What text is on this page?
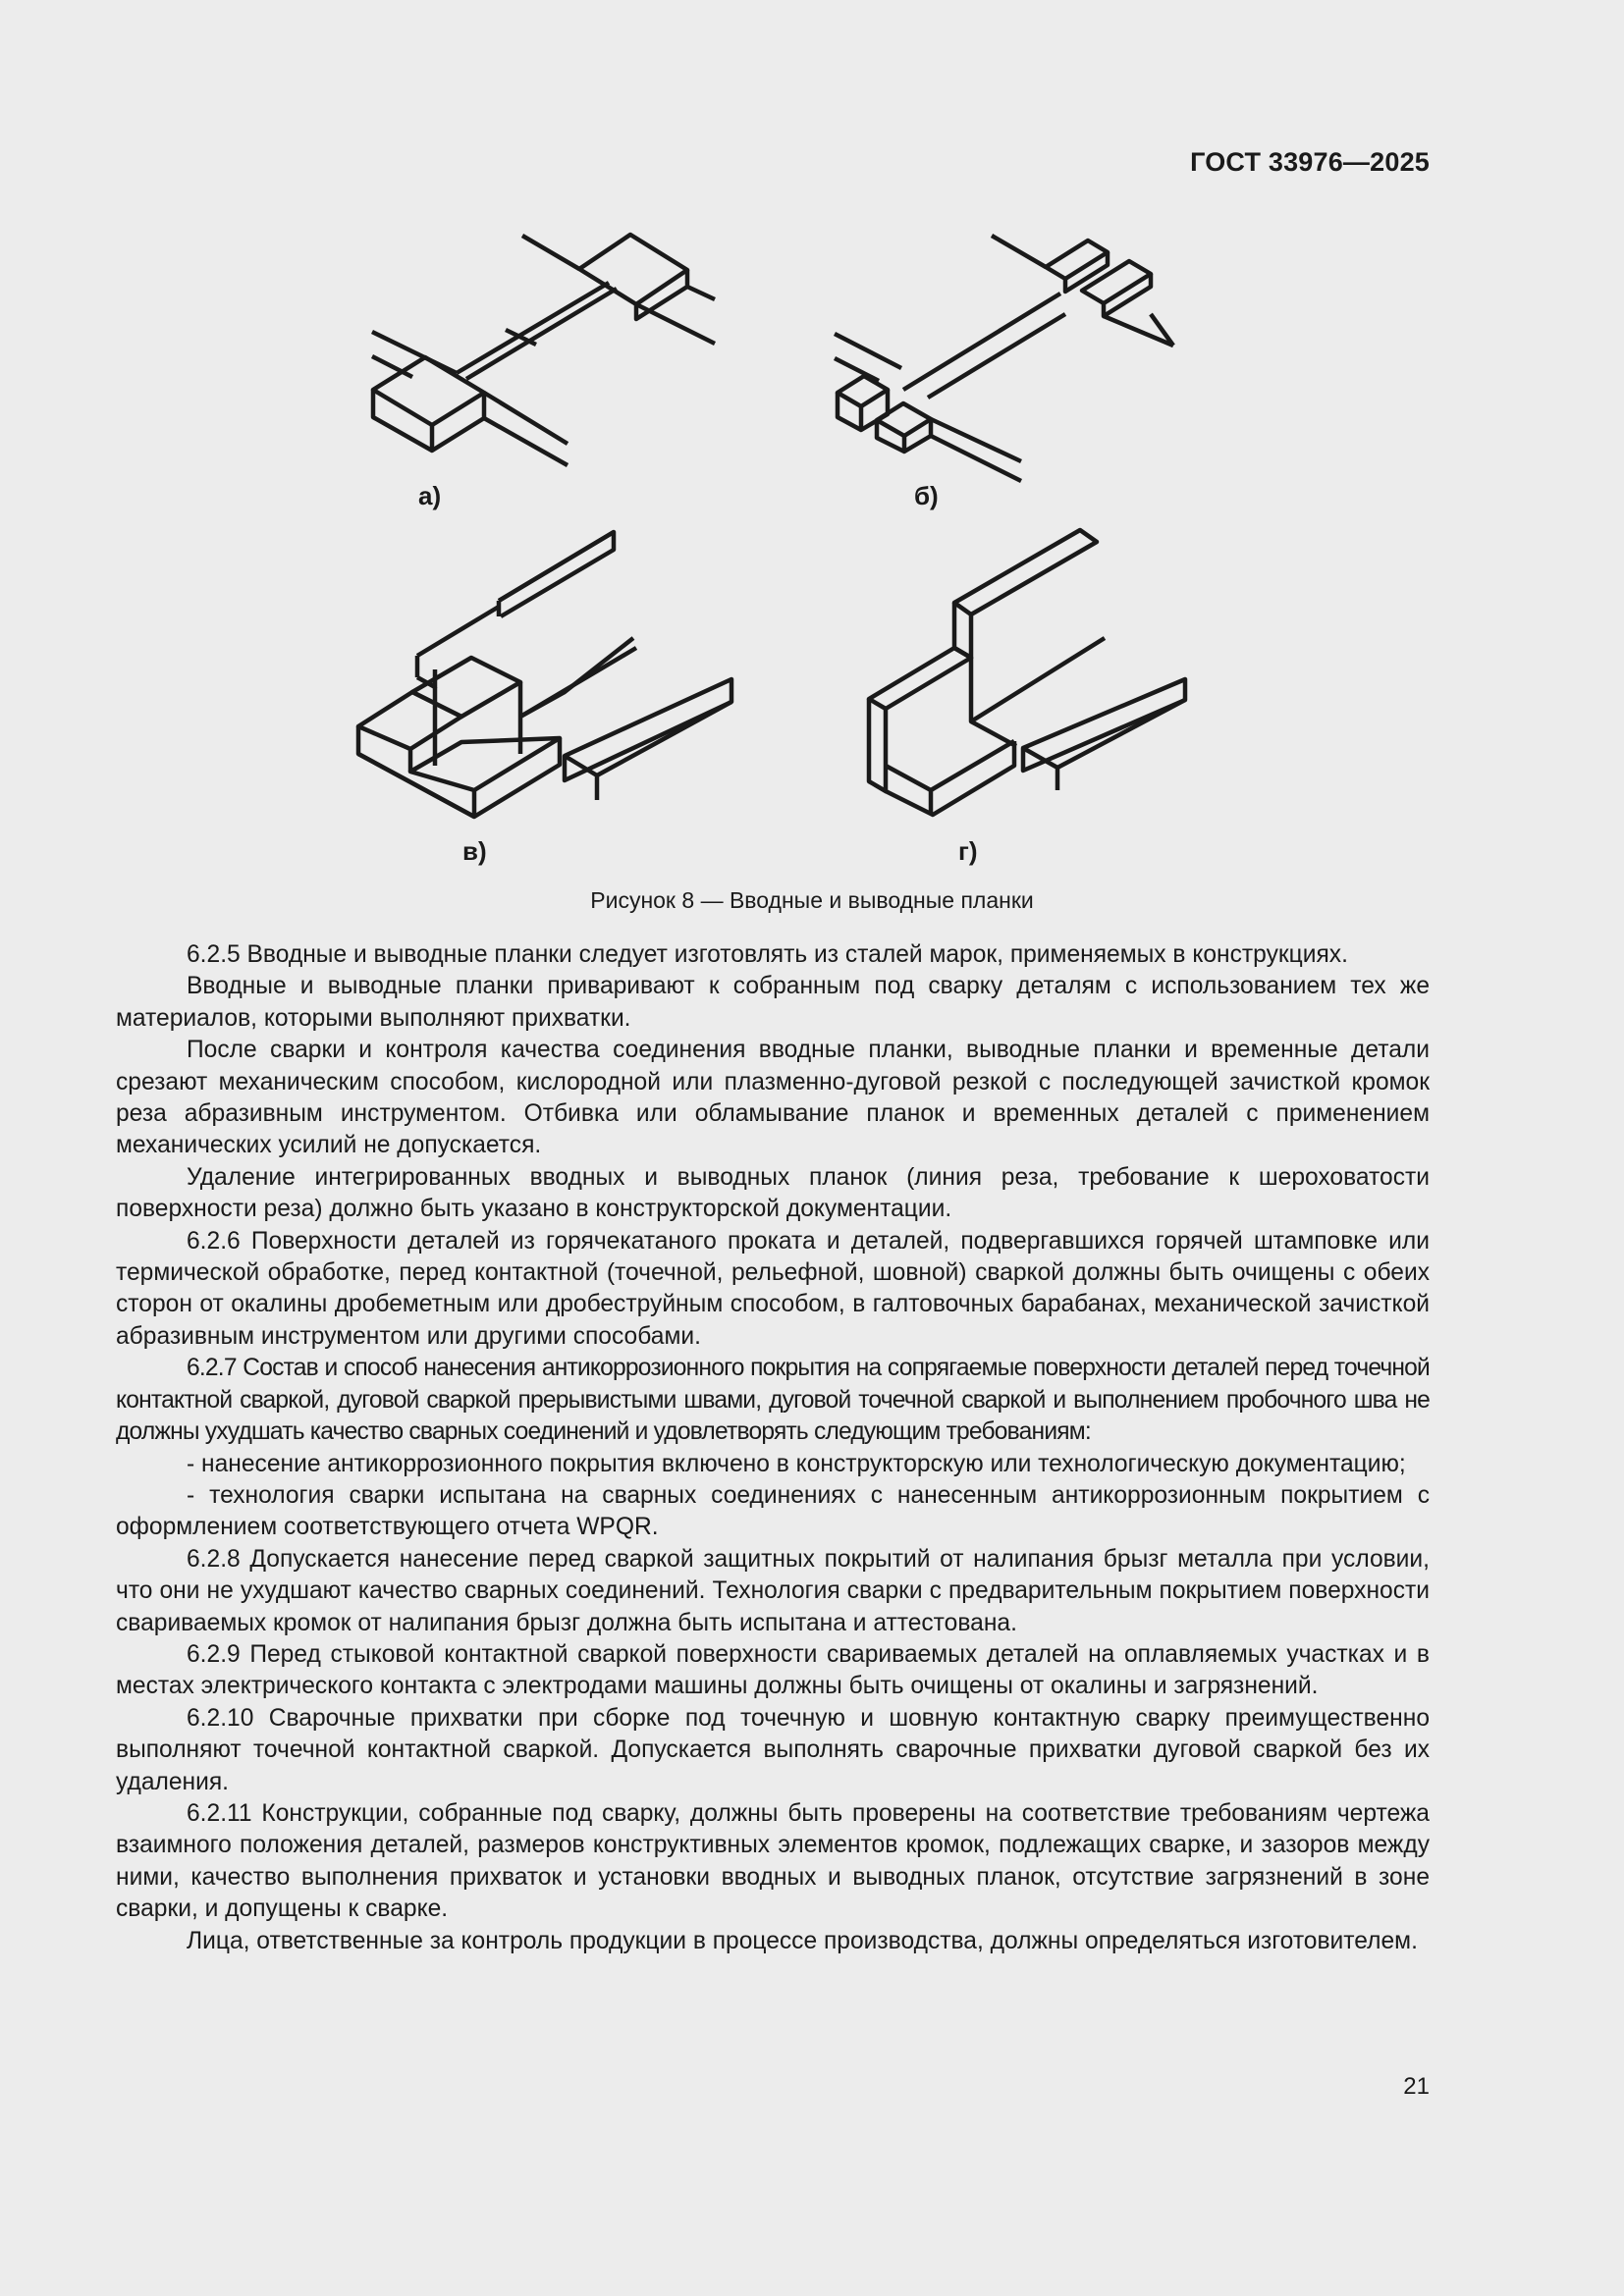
ГОСТ 33976—2025
а)	б)
в)	г)
Рисунок 8 — Вводные и выводные планки

6.2.5 Вводные и выводные планки следует изготовлять из сталей марок, применяемых в конструкциях.

Вводные и выводные планки приваривают к собранным под сварку деталям с использованием тех же материалов, которыми выполняют прихватки.

После сварки и контроля качества соединения вводные планки, выводные планки и временные детали срезают механическим способом, кислородной или плазменно-дуговой резкой с последующей зачисткой кромок реза абразивным инструментом. Отбивка или обламывание планок и временных деталей с применением механических усилий не допускается.

Удаление интегрированных вводных и выводных планок (линия реза, требование к шероховатости поверхности реза) должно быть указано в конструкторской документации.

6.2.6 Поверхности деталей из горячекатаного проката и деталей, подвергавшихся горячей штамповке или термической обработке, перед контактной (точечной, рельефной, шовной) сваркой должны быть очищены с обеих сторон от окалины дробеметным или дробеструйным способом, в галтовочных барабанах, механической зачисткой абразивным инструментом или другими способами.

6.2.7 Состав и способ нанесения антикоррозионного покрытия на сопрягаемые поверхности деталей перед точечной контактной сваркой, дуговой сваркой прерывистыми швами, дуговой точечной сваркой и выполнением пробочного шва не должны ухудшать качество сварных соединений и удовлетворять следующим требованиям:

- нанесение антикоррозионного покрытия включено в конструкторскую или технологическую документацию;

- технология сварки испытана на сварных соединениях с нанесенным антикоррозионным покрытием с оформлением соответствующего отчета WPQR.

6.2.8 Допускается нанесение перед сваркой защитных покрытий от налипания брызг металла при условии, что они не ухудшают качество сварных соединений. Технология сварки с предварительным покрытием поверхности свариваемых кромок от налипания брызг должна быть испытана и аттестована.

6.2.9 Перед стыковой контактной сваркой поверхности свариваемых деталей на оплавляемых участках и в местах электрического контакта с электродами машины должны быть очищены от окалины и загрязнений.

6.2.10 Сварочные прихватки при сборке под точечную и шовную контактную сварку преимущественно выполняют точечной контактной сваркой. Допускается выполнять сварочные прихватки дуговой сваркой без их удаления.

6.2.11 Конструкции, собранные под сварку, должны быть проверены на соответствие требованиям чертежа взаимного положения деталей, размеров конструктивных элементов кромок, подлежащих сварке, и зазоров между ними, качество выполнения прихваток и установки вводных и выводных планок, отсутствие загрязнений в зоне сварки, и допущены к сварке.

Лица, ответственные за контроль продукции в процессе производства, должны определяться изготовителем.

21
